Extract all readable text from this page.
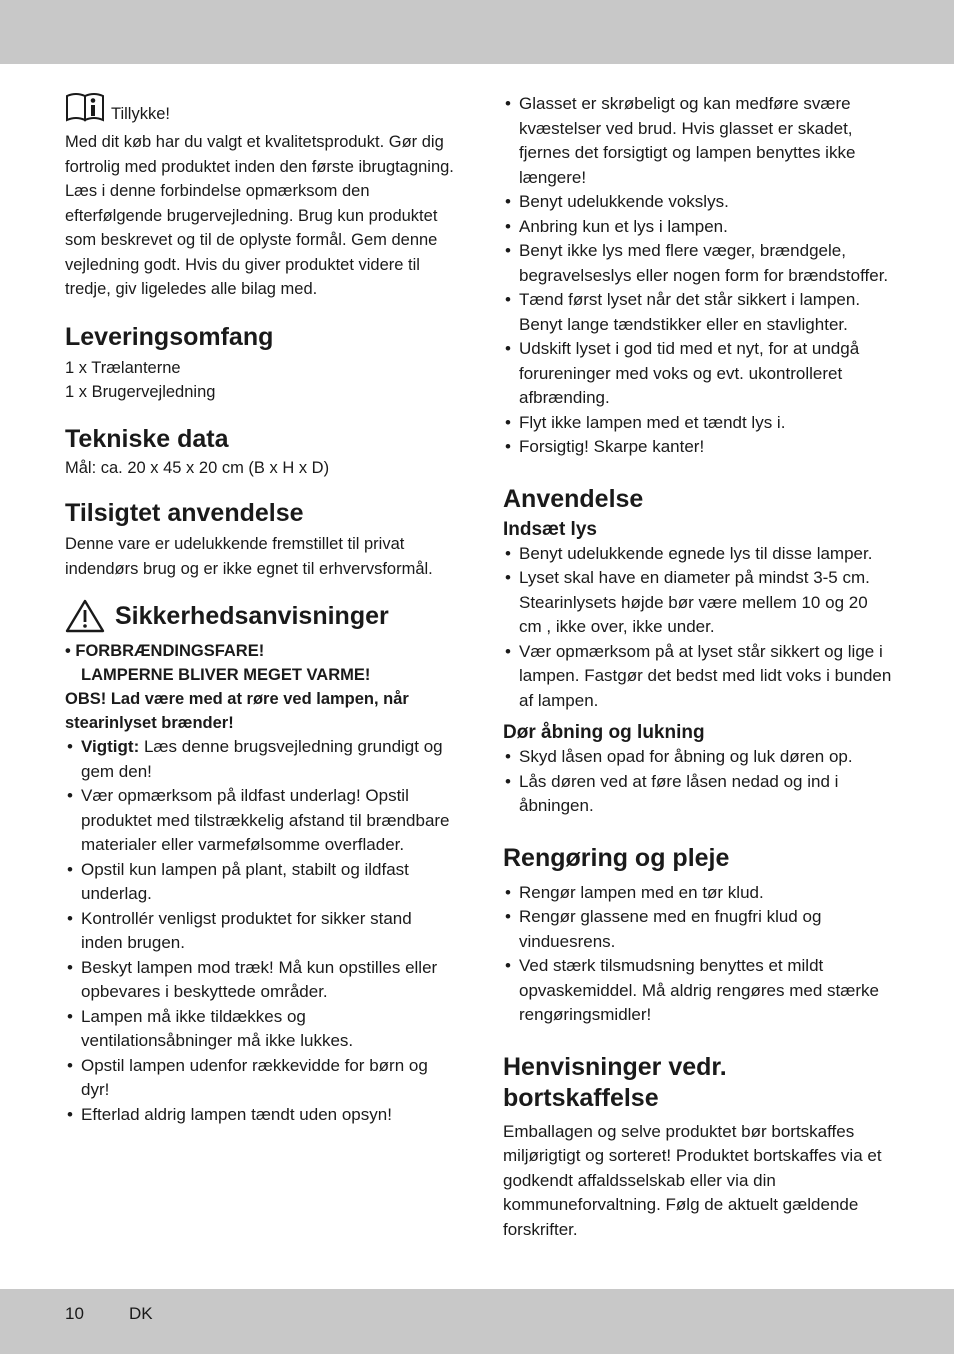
Tillykke!

Med dit køb har du valgt et kvalitetsprodukt. Gør dig fortrolig med produktet inden den første ibrugtagning. Læs i denne forbindelse opmærksom den efterfølgende brugervejledning. Brug kun produktet som beskrevet og til de oplyste formål. Gem denne vejledning godt. Hvis du giver produktet videre til tredje, giv ligeledes alle bilag med.

Leveringsomfang

1 x Trælanterne

1 x Brugervejledning

Tekniske data

Mål: ca. 20 x 45 x 20 cm (B x H x D)

Tilsigtet anvendelse

Denne vare er udelukkende fremstillet til privat indendørs brug og er ikke egnet til erhvervsformål.

Sikkerhedsanvisninger

• FORBRÆNDINGSFARE!

LAMPERNE BLIVER MEGET VARME!

OBS! Lad være med at røre ved lampen, når stearinlyset brænder!

• Vigtigt: Læs denne brugsvejledning grundigt og gem den!
• Vær opmærksom på ildfast underlag! Opstil produktet med tilstrækkelig afstand til brændbare materialer eller varmefølsomme overflader.
• Opstil kun lampen på plant, stabilt og ildfast underlag.
• Kontrollér venligst produktet for sikker stand inden brugen.
• Beskyt lampen mod træk! Må kun opstilles eller opbevares i beskyttede områder.
• Lampen må ikke tildækkes og ventilationsåbninger må ikke lukkes.
• Opstil lampen udenfor rækkevidde for børn og dyr!
• Efterlad aldrig lampen tændt uden opsyn!
• Glasset er skrøbeligt og kan medføre svære kvæstelser ved brud. Hvis glasset er skadet, fjernes det forsigtigt og lampen benyttes ikke længere!
• Benyt udelukkende vokslys.
• Anbring kun et lys i lampen.
• Benyt ikke lys med flere væger, brændgele, begravelseslys eller nogen form for brændstoffer.
• Tænd først lyset når det står sikkert i lampen. Benyt lange tændstikker eller en stavlighter.
• Udskift lyset i god tid med et nyt, for at undgå forureninger med voks og evt. ukontrolleret afbrænding.
• Flyt ikke lampen med et tændt lys i.
• Forsigtig! Skarpe kanter!
Anvendelse
Indsæt lys
• Benyt udelukkende egnede lys til disse lamper.
• Lyset skal have en diameter på mindst 3-5 cm. Stearinlysets højde bør være mellem 10 og 20 cm , ikke over, ikke under.
• Vær opmærksom på at lyset står sikkert og lige i lampen. Fastgør det bedst med lidt voks i bunden af lampen.
Dør åbning og lukning
• Skyd låsen opad for åbning og luk døren op.
• Lås døren ved at føre låsen nedad og ind i åbningen.
Rengøring og pleje
• Rengør lampen med en tør klud.
• Rengør glassene med en fnugfri klud og vinduesrens.
• Ved stærk tilsmudsning benyttes et mildt opvaskemiddel. Må aldrig rengøres med stærke rengøringsmidler!
Henvisninger vedr. bortskaffelse

Emballagen og selve produktet bør bortskaffes miljørigtigt og sorteret! Produktet bortskaffes via et godkendt affaldsselskab eller via din kommuneforvaltning. Følg de aktuelt gældende forskrifter.

10	DK
